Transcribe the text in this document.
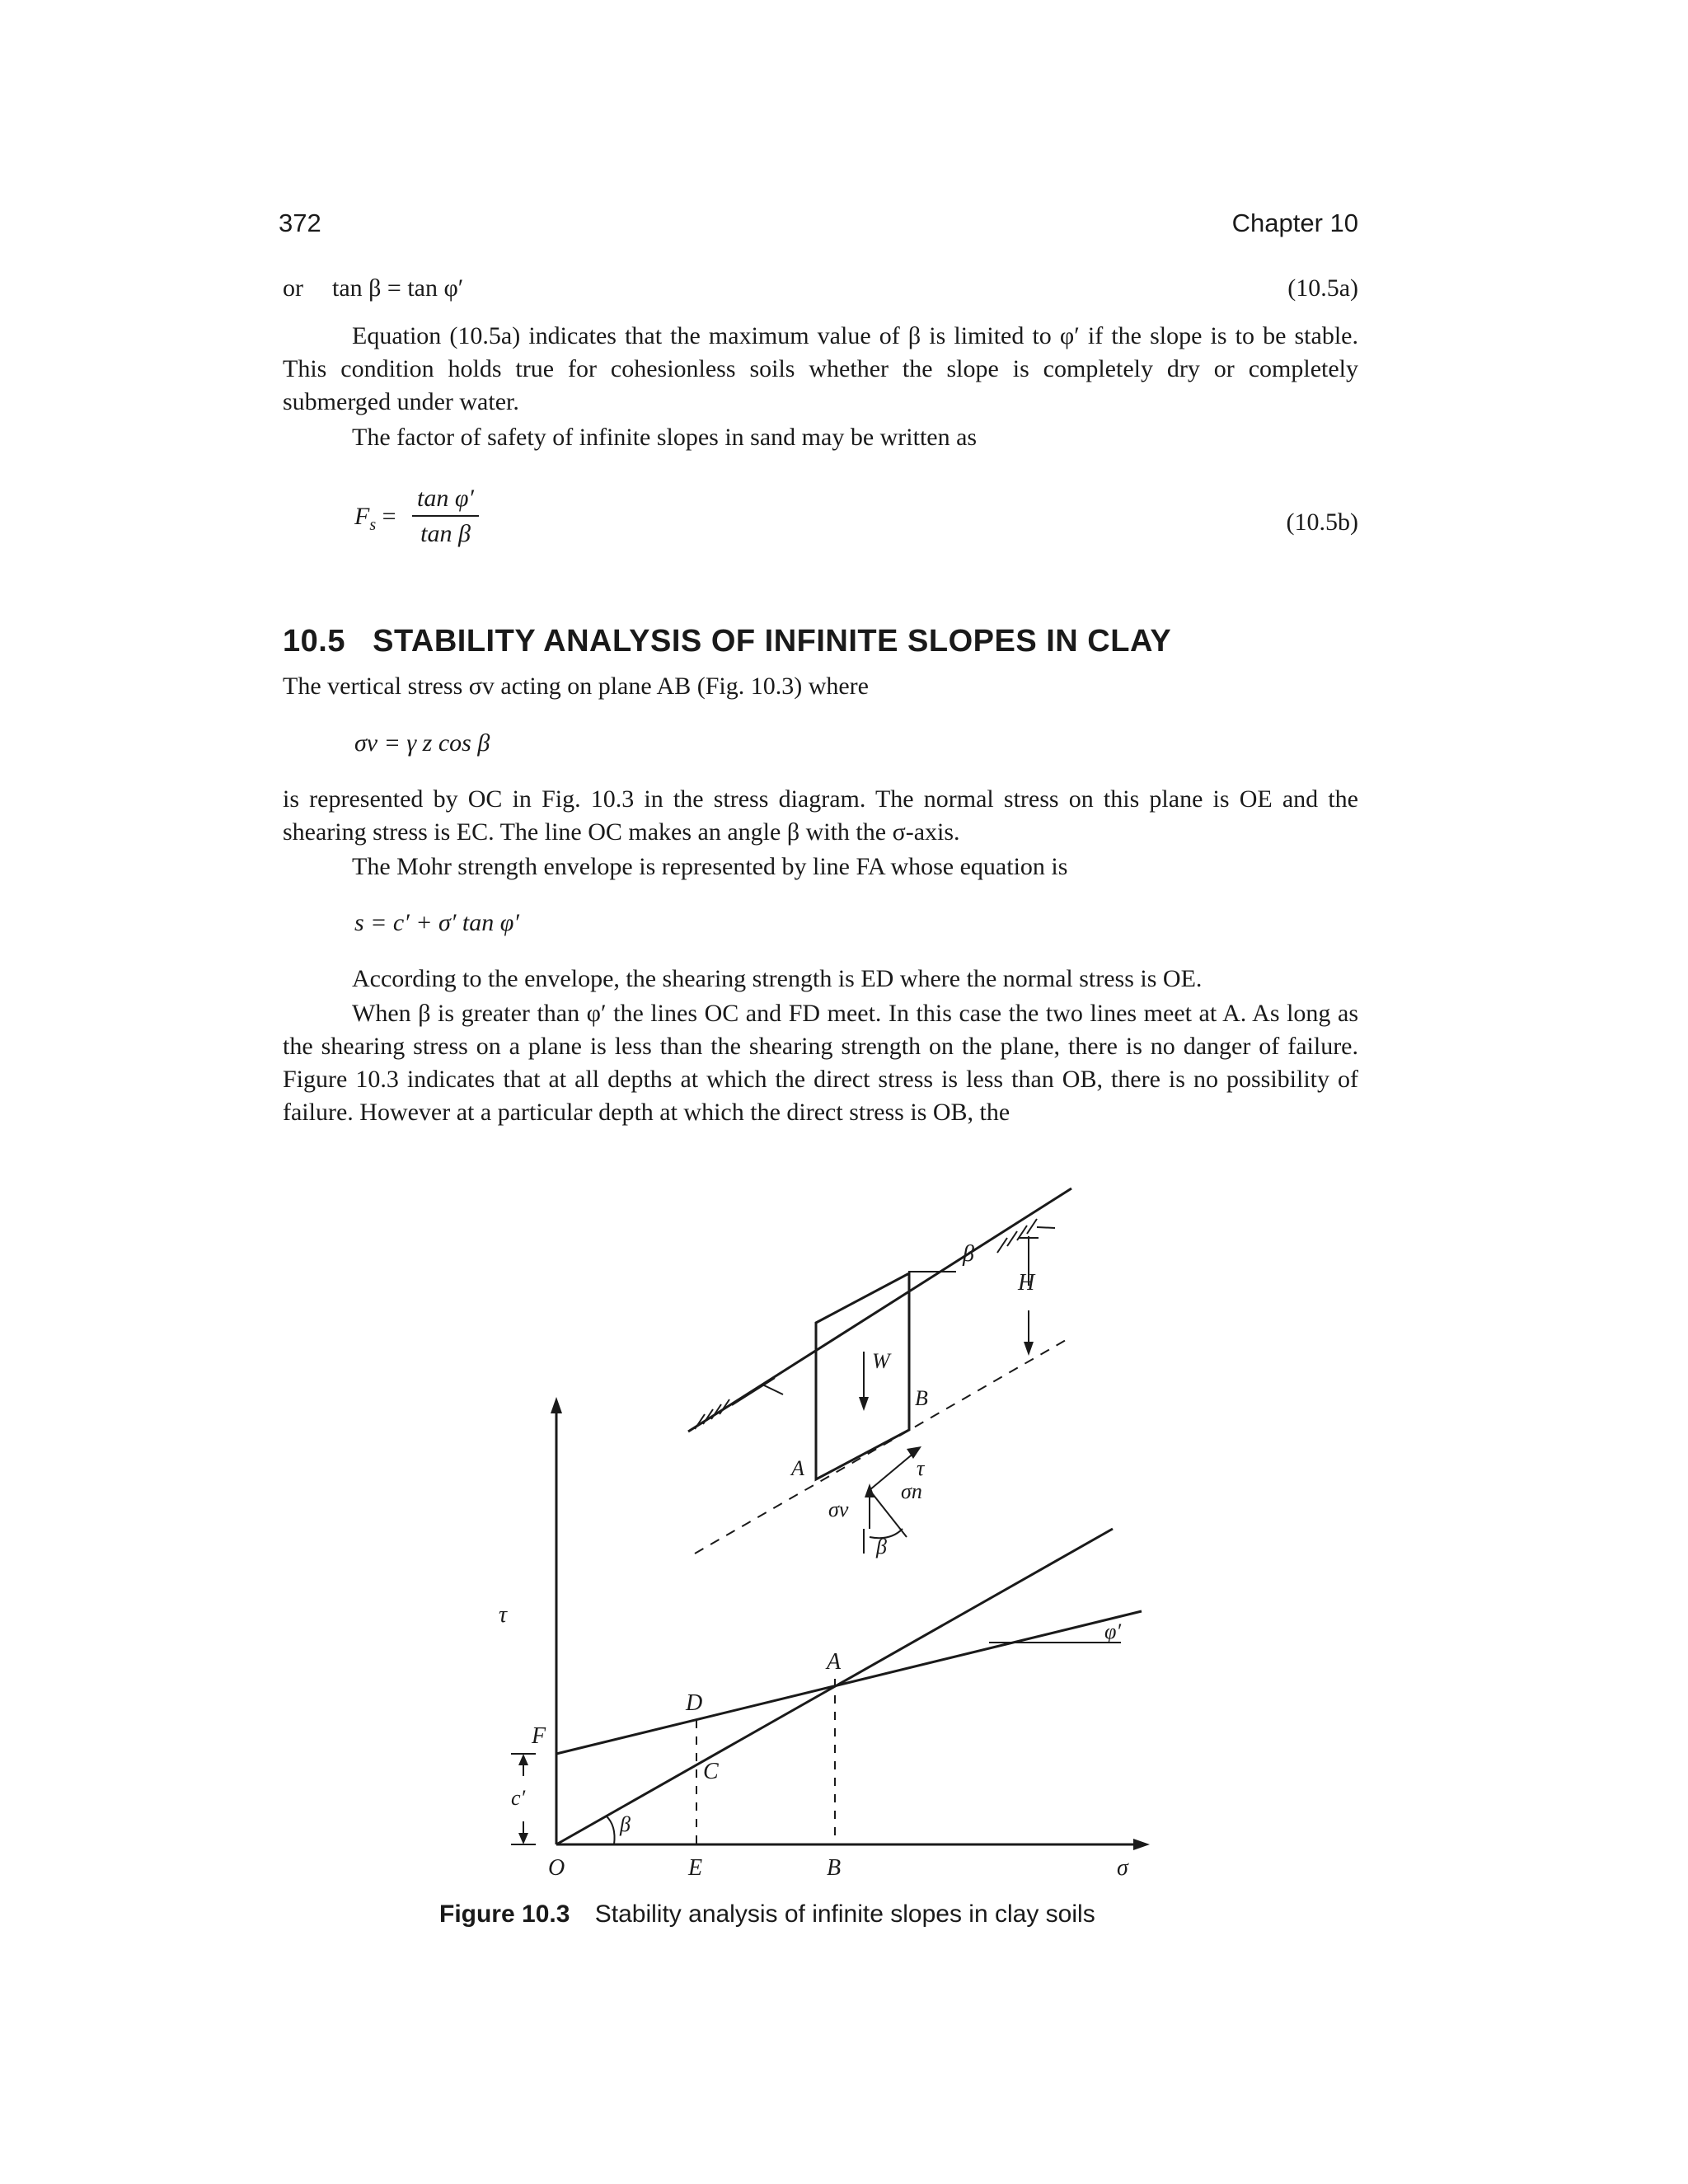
372	Chapter 10
or tan β = tan φ′	(10.5a)
Equation (10.5a) indicates that the maximum value of β is limited to φ′ if the slope is to be stable. This condition holds true for cohesionless soils whether the slope is completely dry or completely submerged under water.
The factor of safety of infinite slopes in sand may be written as
$F_s = \frac{\text{tan φ′}}{\text{tan β}}$	(10.5b)
10.5 STABILITY ANALYSIS OF INFINITE SLOPES IN CLAY
The vertical stress σv acting on plane AB (Fig. 10.3) where
σv = γ z cos β
is represented by OC in Fig. 10.3 in the stress diagram. The normal stress on this plane is OE and the shearing stress is EC. The line OC makes an angle β with the σ-axis.
The Mohr strength envelope is represented by line FA whose equation is
s = c′ + σ′ tan φ′
According to the envelope, the shearing strength is ED where the normal stress is OE.
When β is greater than φ′ the lines OC and FD meet. In this case the two lines meet at A. As long as the shearing stress on a plane is less than the shearing strength on the plane, there is no danger of failure. Figure 10.3 indicates that at all depths at which the direct stress is less than OB, there is no possibility of failure. However at a particular depth at which the direct stress is OB, the
β
H
W
B
A	τ
σn
σv
β
τ
φ′
A
D
F
C
c′
β
O	E	B	σ
Figure 10.3 Stability analysis of infinite slopes in clay soils
